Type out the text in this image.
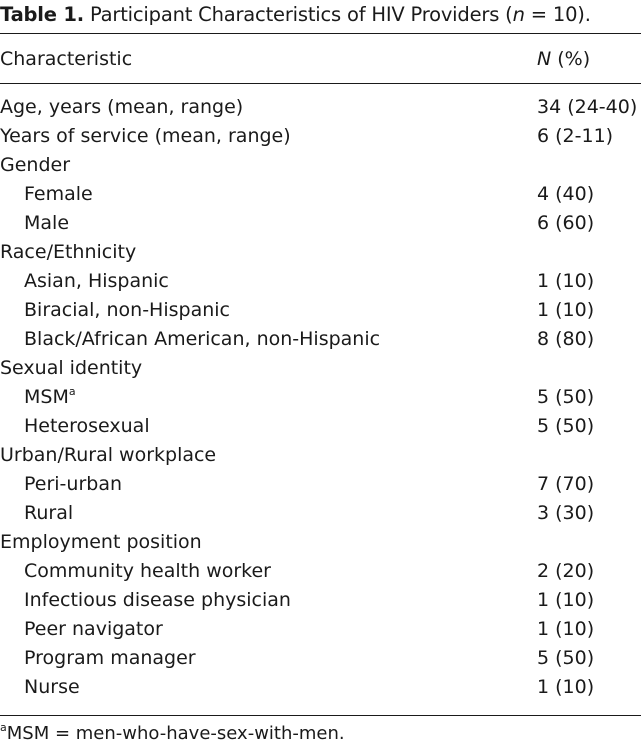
Table 1. Participant Characteristics of HIV Providers (n = 10).
Characteristic	N (%)
Age, years (mean, range)	34 (24-40)
Years of service (mean, range)	6 (2-11)
Gender
Female	4 (40)
Male	6 (60)
Race/Ethnicity
Asian, Hispanic	1 (10)
Biracial, non-Hispanic	1 (10)
Black/African American, non-Hispanic	8 (80)
Sexual identity
MSM$^a$	5 (50)
Heterosexual	5 (50)
Urban/Rural workplace
Peri-urban	7 (70)
Rural	3 (30)
Employment position
Community health worker	2 (20)
Infectious disease physician	1 (10)
Peer navigator	1 (10)
Program manager	5 (50)
Nurse	1 (10)
$^a$MSM = men-who-have-sex-with-men.
